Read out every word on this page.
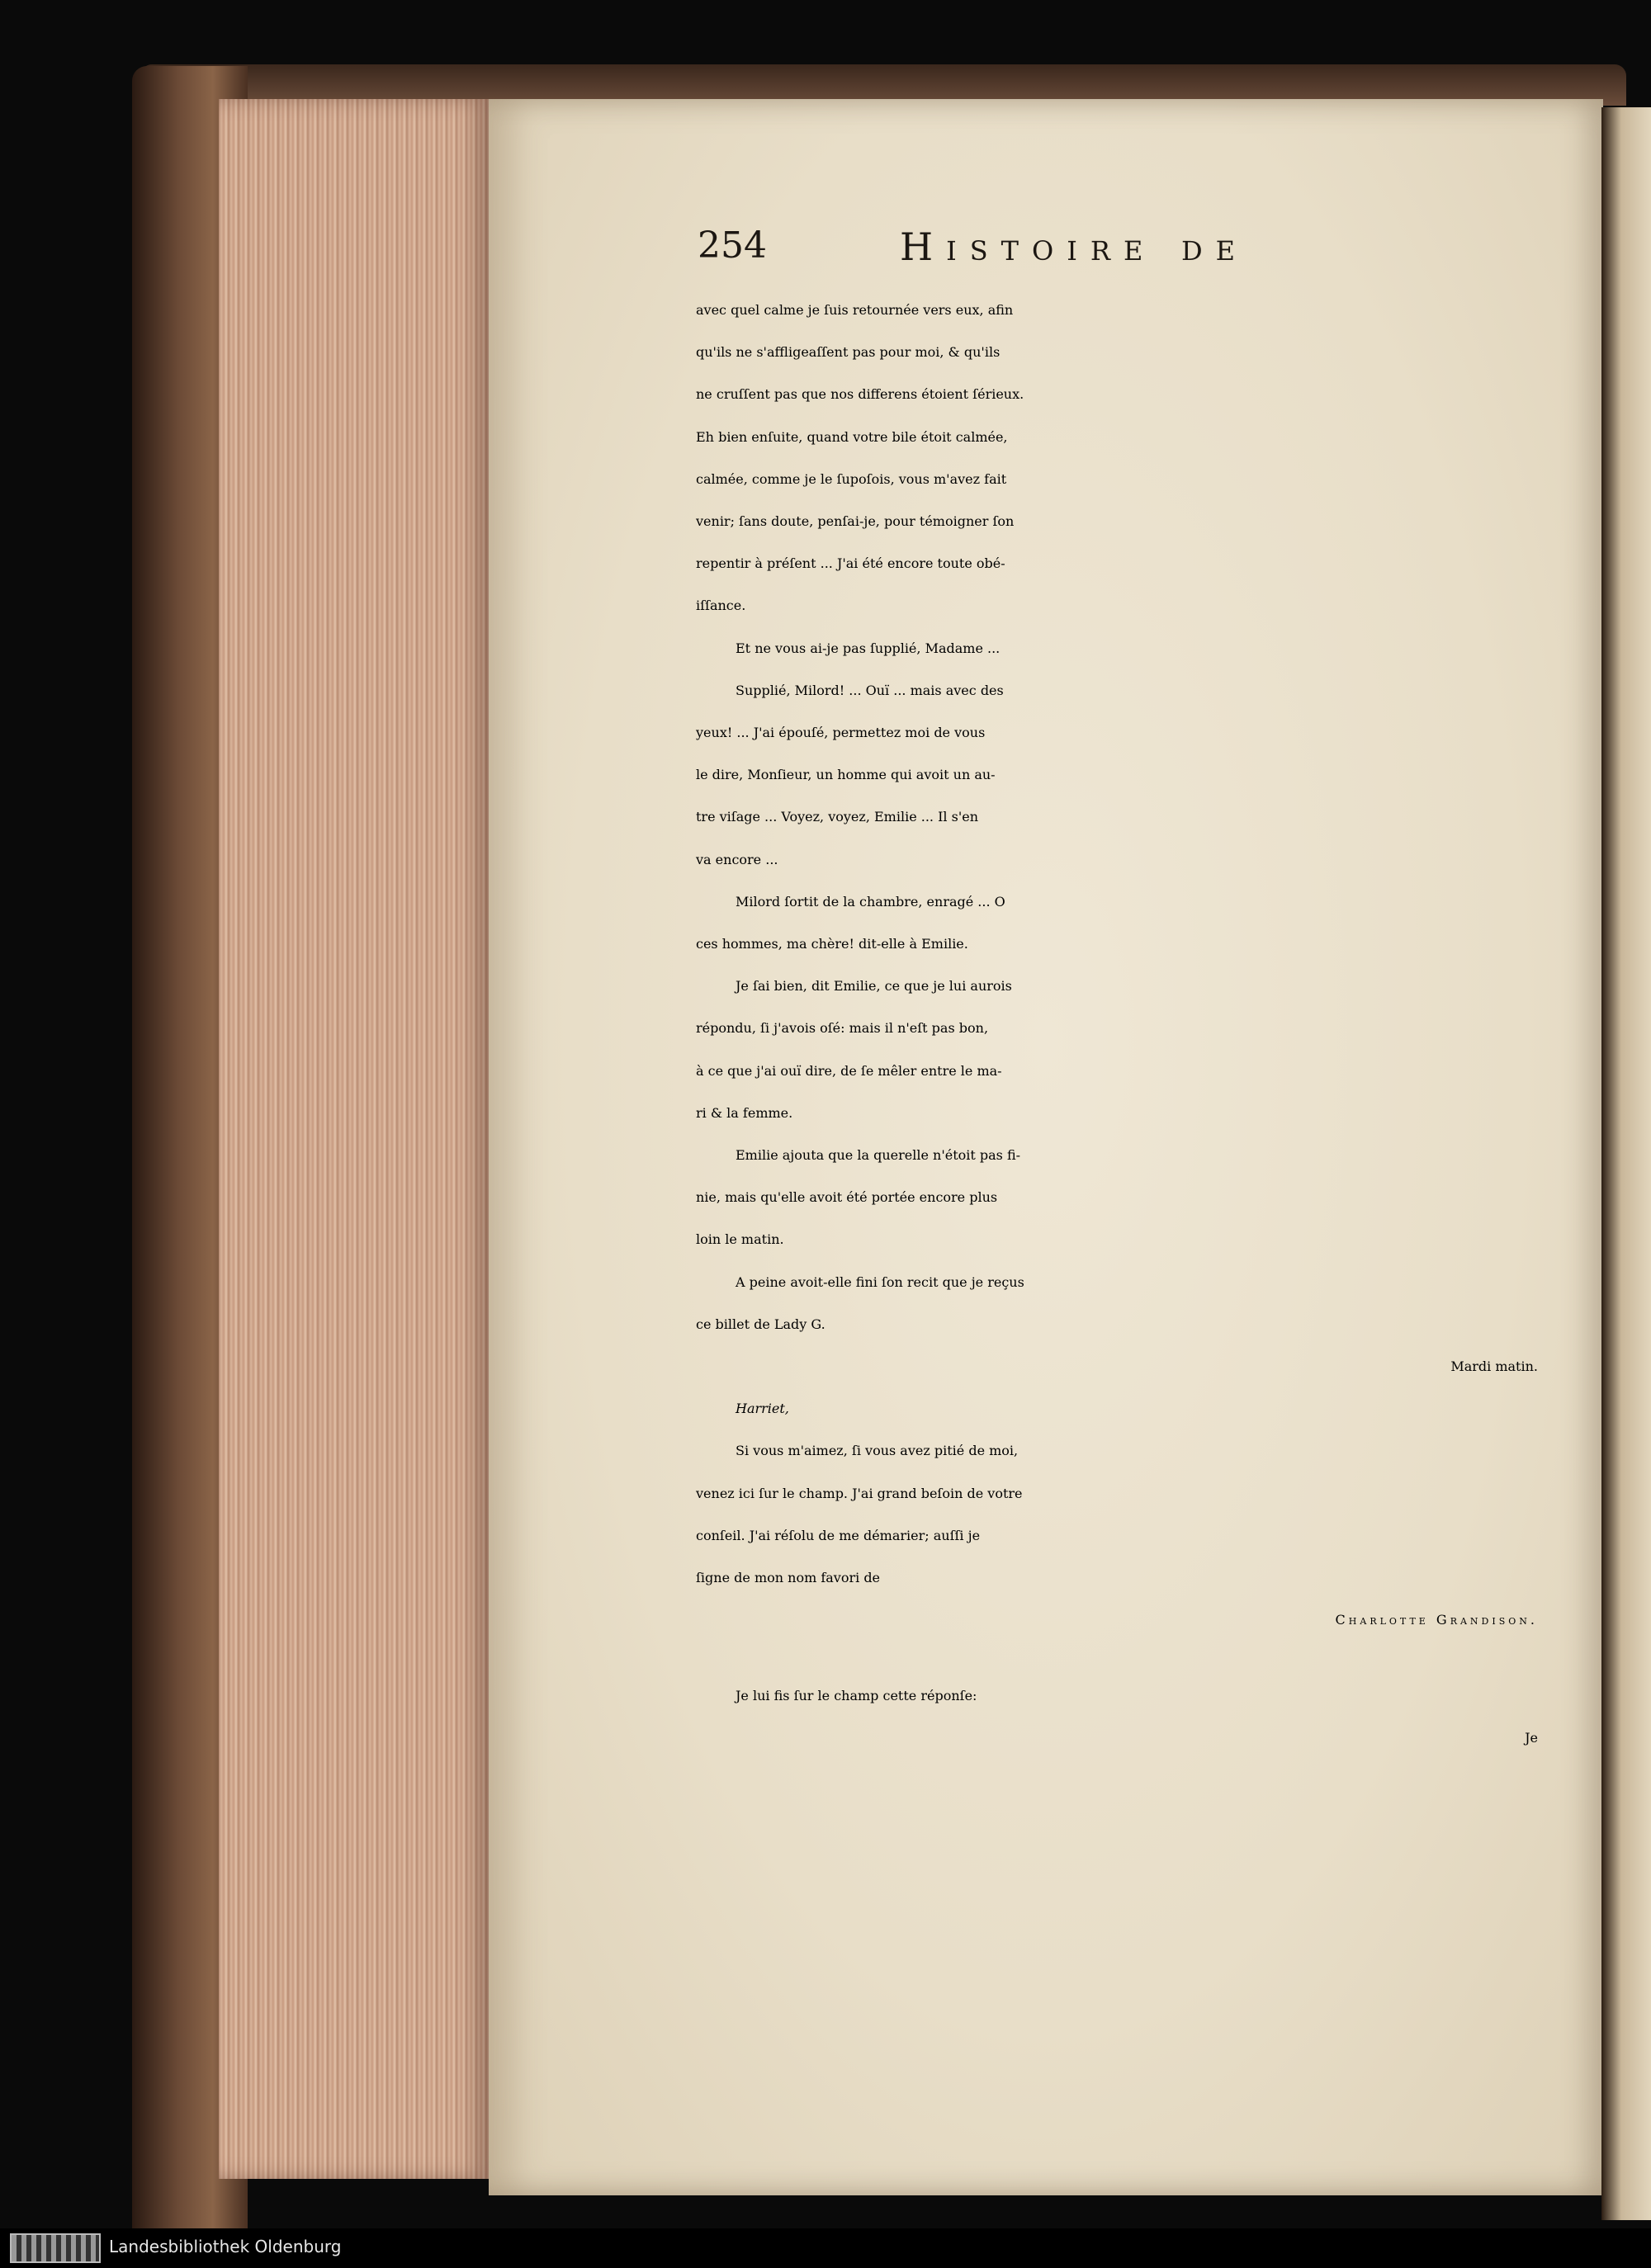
254	Histoire de
avec quel calme je ſuis retournée vers eux, afin
qu'ils ne s'affligeaſſent pas pour moi, & qu'ils
ne cruſſent pas que nos differens étoient ſérieux.
Eh bien enſuite, quand votre bile étoit calmée,
calmée, comme je le ſupoſois, vous m'avez fait
venir; ſans doute, penſai-je, pour témoigner ſon
repentir à préſent ... J'ai été encore toute obé-
iſſance.
Et ne vous ai-je pas ſupplié, Madame ...
Supplié, Milord! ... Ouï ... mais avec des
yeux! ... J'ai épouſé, permettez moi de vous
le dire, Monſieur, un homme qui avoit un au-
tre viſage ... Voyez, voyez, Emilie ... Il s'en
va encore ...
Milord ſortit de la chambre, enragé ... O
ces hommes, ma chère! dit-elle à Emilie.
Je ſai bien, dit Emilie, ce que je lui aurois
répondu, ſi j'avois oſé: mais il n'eſt pas bon,
à ce que j'ai ouï dire, de ſe mêler entre le ma-
ri & la femme.
Emilie ajouta que la querelle n'étoit pas fi-
nie, mais qu'elle avoit été portée encore plus
loin le matin.
A peine avoit-elle fini ſon recit que je reçus
ce billet de Lady G.
Mardi matin.
Harriet,
Si vous m'aimez, ſi vous avez pitié de moi,
venez ici ſur le champ. J'ai grand beſoin de votre
conſeil. J'ai réſolu de me démarier; auſſi je
ſigne de mon nom favori de
Charlotte Grandison.
Je lui fis ſur le champ cette réponſe:
Je
Landesbibliothek Oldenburg
